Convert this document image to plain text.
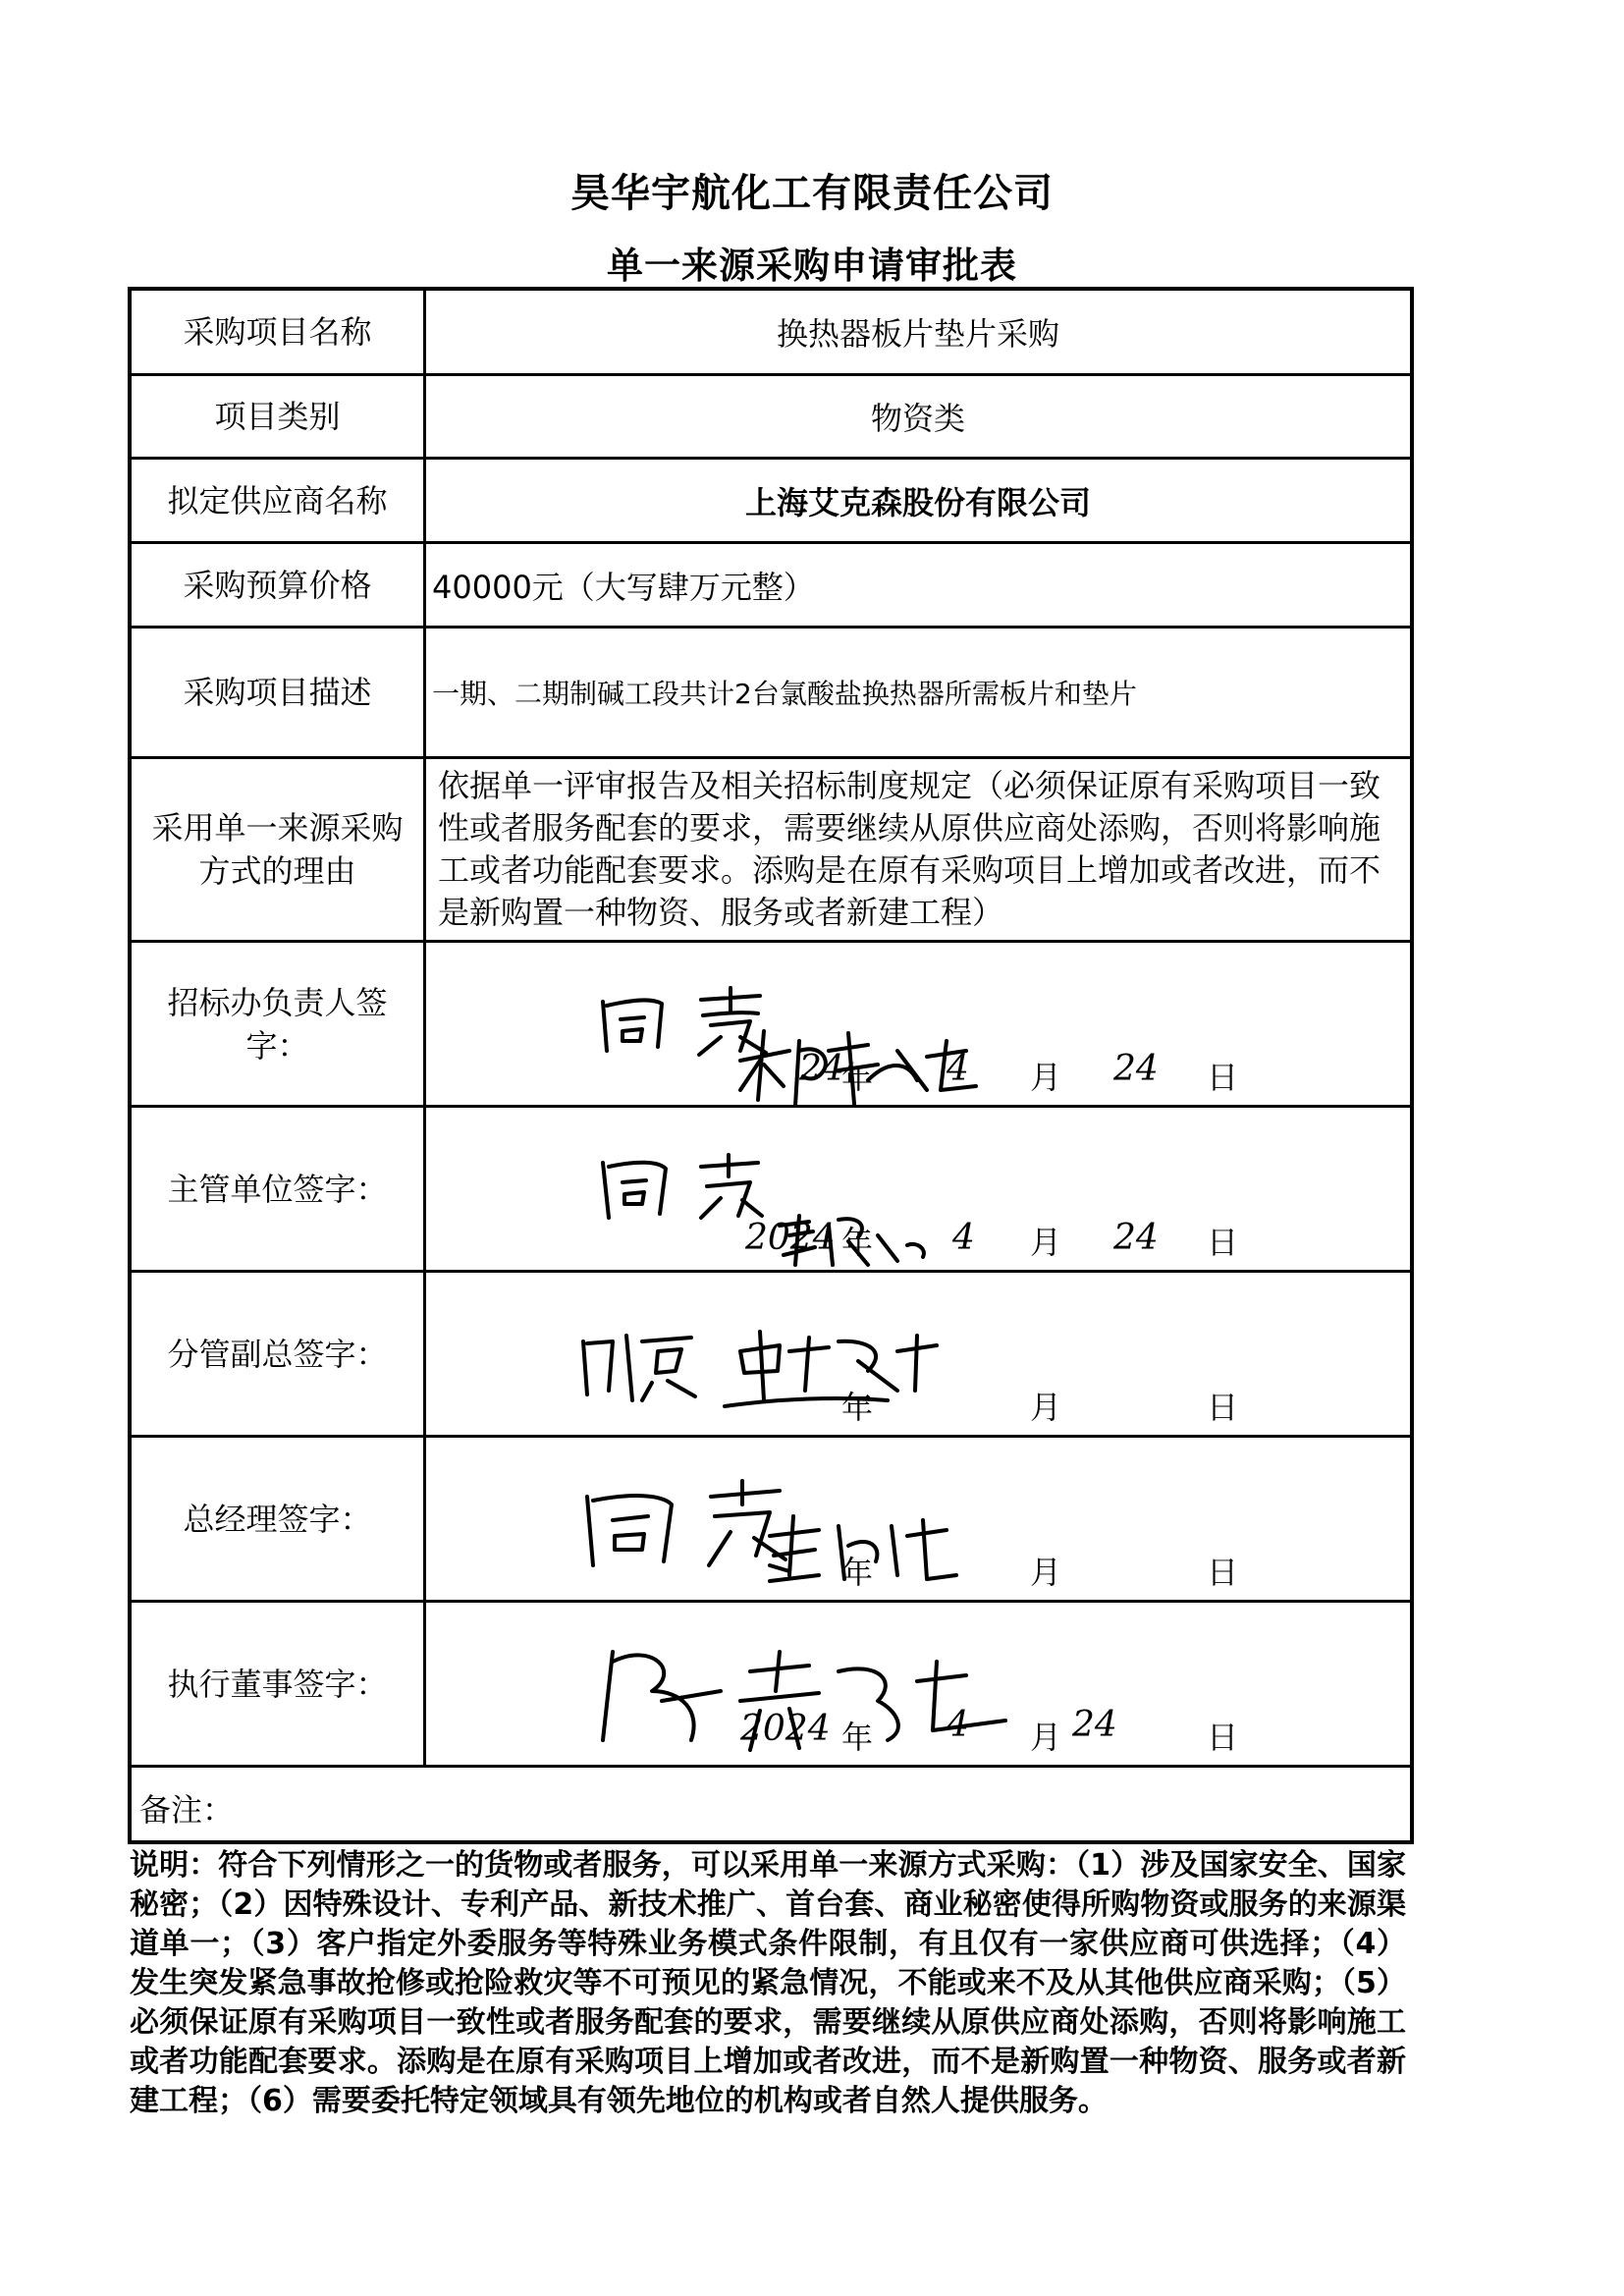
昊华宇航化工有限责任公司
单一来源采购申请审批表
采购项目名称	换热器板片垫片采购
项目类别	物资类
拟定供应商名称	上海艾克森股份有限公司
采购预算价格 40000元（大写肆万元整）
采购项目描述 一期、二期制碱工段共计2台氯酸盐换热器所需板片和垫片
采用单一来源采购
方式的理由
依据单一评审报告及相关招标制度规定（必须保证原有采购项目一致性或者服务配套的要求，需要继续从原供应商处添购，否则将影响施工或者功能配套要求。添购是在原有采购项目上增加或者改进，而不是新购置一种物资、服务或者新建工程）
招标办负责人签
字：
24	4	24
年	月	日
主管单位签字：
2024	4	24
年	月	日
分管副总签字：
年	月	日
总经理签字：
年	月	日
执行董事签字：
2024	4	24
年	月	日
备注：

说明：符合下列情形之一的货物或者服务，可以采用单一来源方式采购：（1）涉及国家安全、国家秘密；（2）因特殊设计、专利产品、新技术推广、首台套、商业秘密使得所购物资或服务的来源渠道单一；（3）客户指定外委服务等特殊业务模式条件限制，有且仅有一家供应商可供选择；（4）发生突发紧急事故抢修或抢险救灾等不可预见的紧急情况，不能或来不及从其他供应商采购；（5）必须保证原有采购项目一致性或者服务配套的要求，需要继续从原供应商处添购，否则将影响施工或者功能配套要求。添购是在原有采购项目上增加或者改进，而不是新购置一种物资、服务或者新建工程；（6）需要委托特定领域具有领先地位的机构或者自然人提供服务。
